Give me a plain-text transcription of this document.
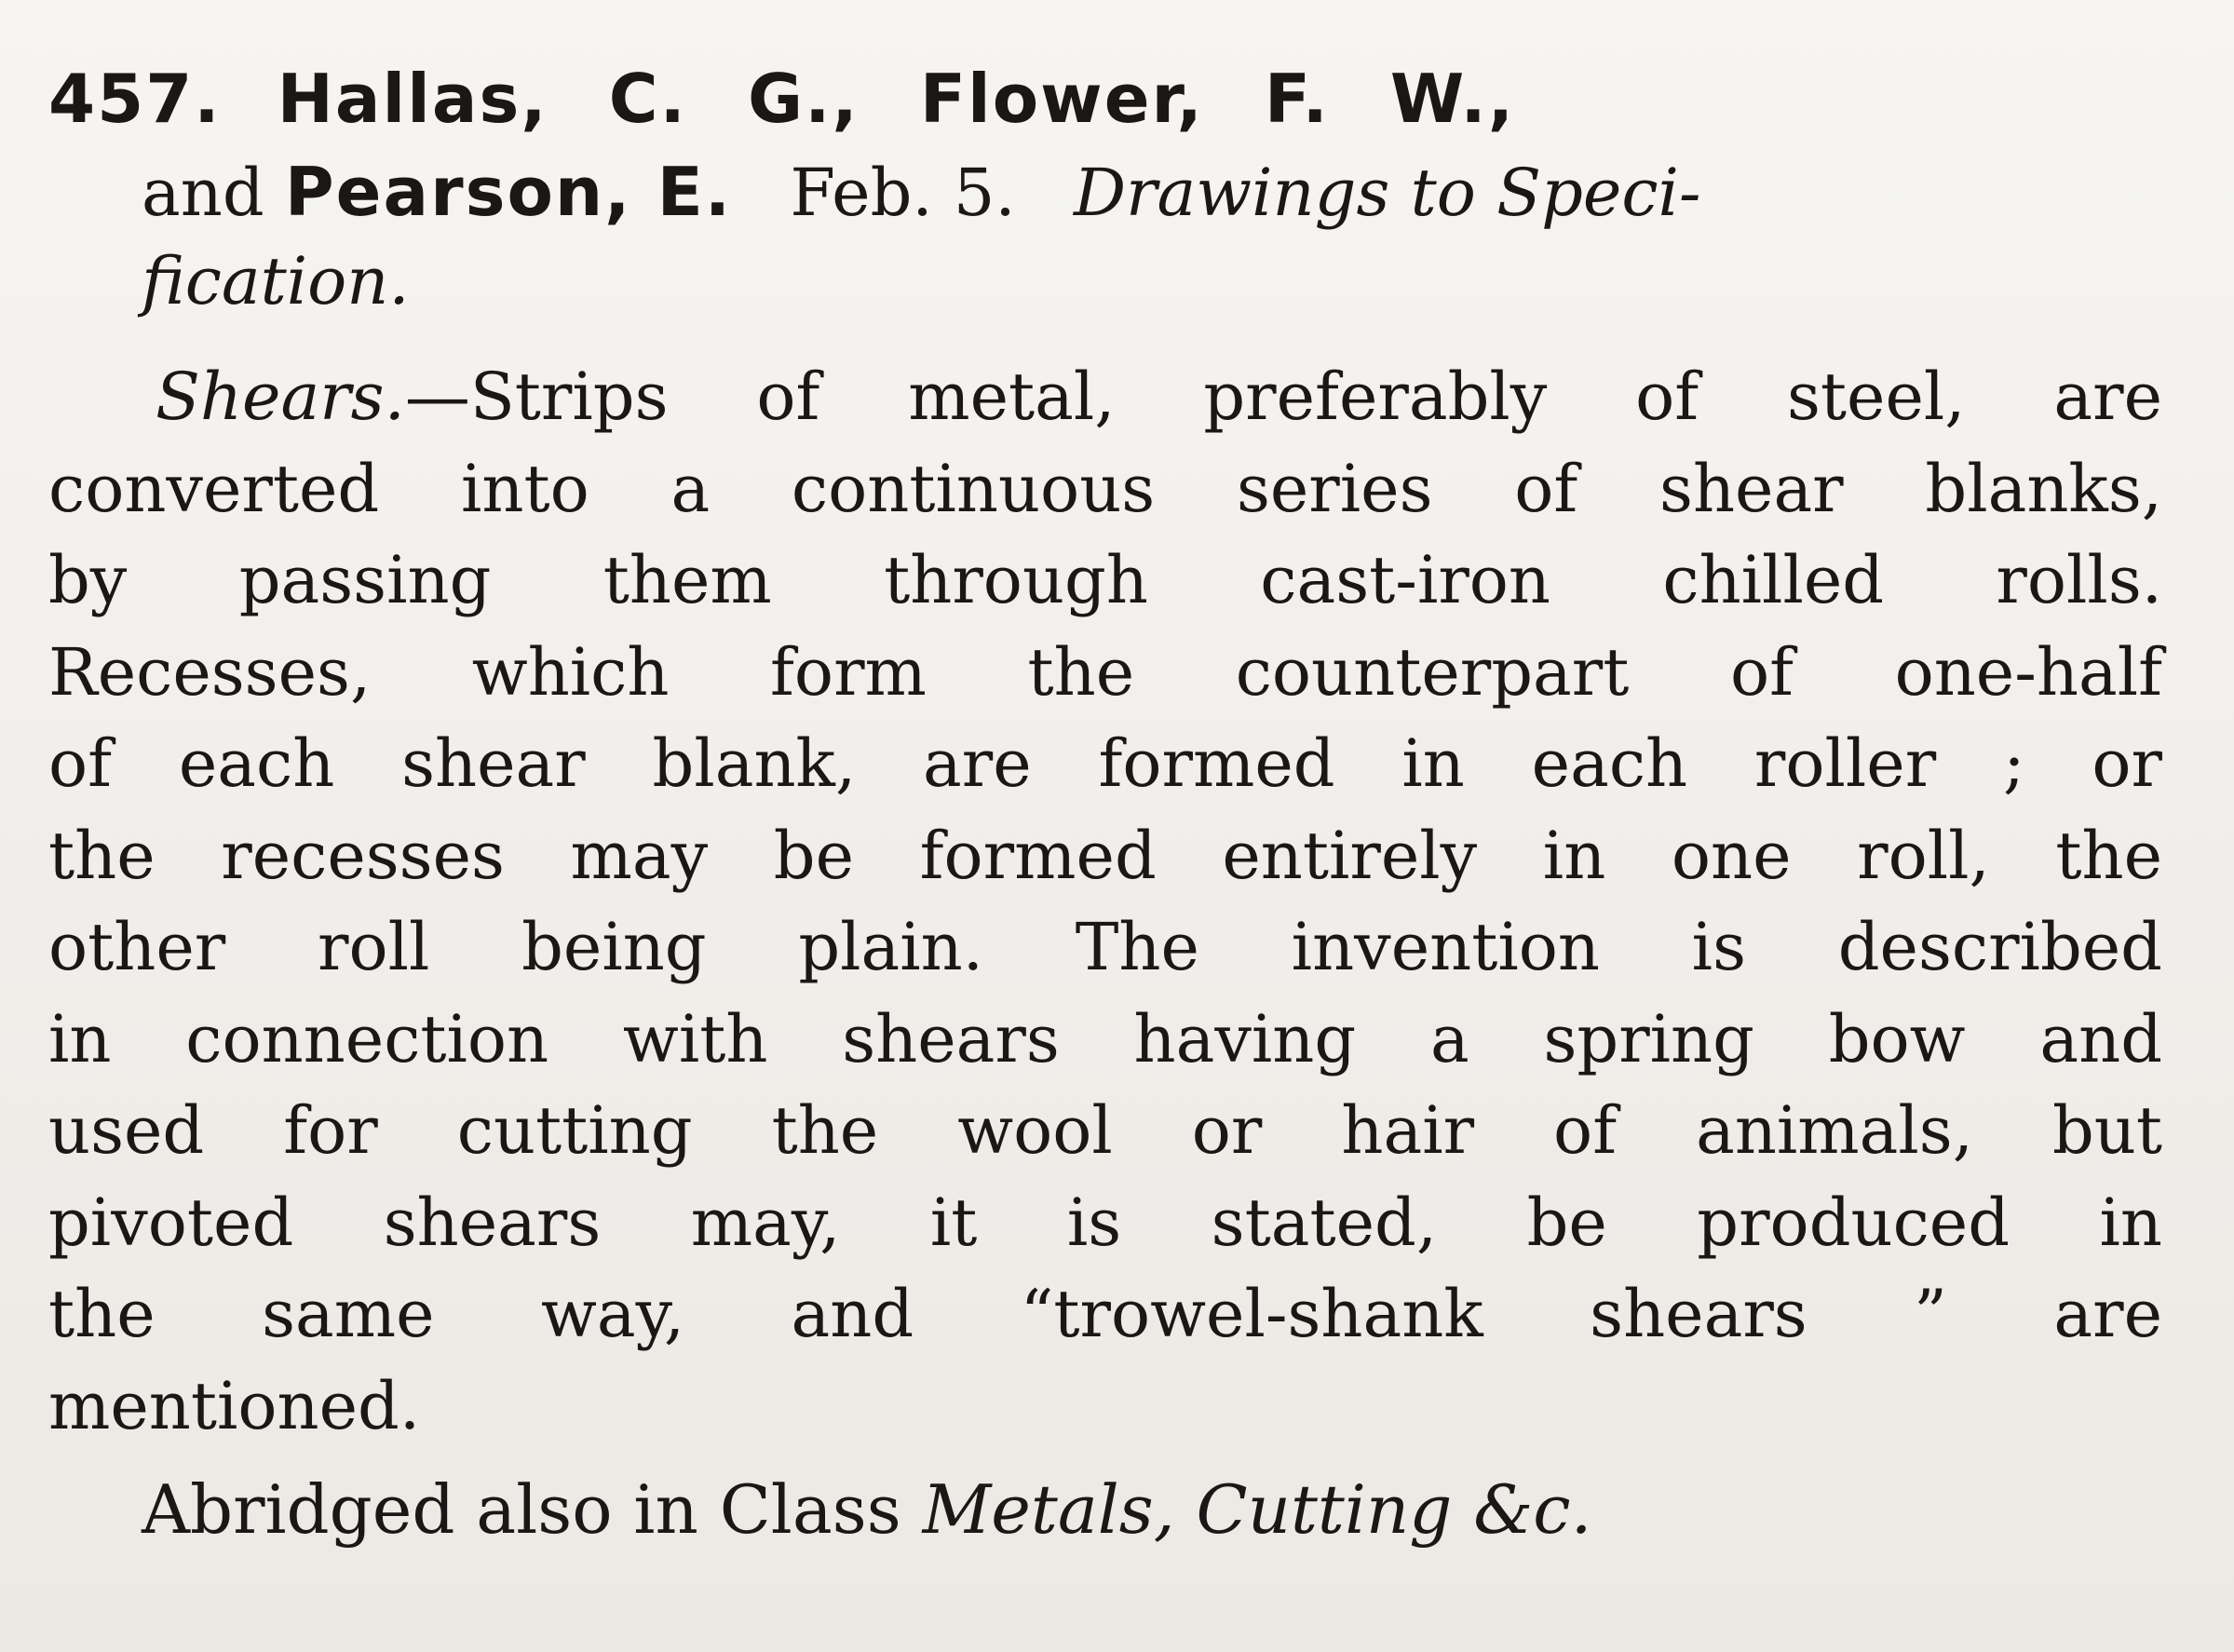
457. Hallas, C. G., Flower, F. W.,

and Pearson, E. Feb. 5. Drawings to Speci-
fication.
Shears.—Strips of metal, preferably of steel, are
converted into a continuous series of shear blanks,
by passing them through cast-iron chilled rolls.
Recesses, which form the counterpart of one-half
of each shear blank, are formed in each roller ; or
the recesses may be formed entirely in one roll, the
other roll being plain. The invention is described
in connection with shears having a spring bow and
used for cutting the wool or hair of animals, but
pivoted shears may, it is stated, be produced in
the same way, and “trowel-shank shears ” are
mentioned.
Abridged also in Class Metals, Cutting &c.
